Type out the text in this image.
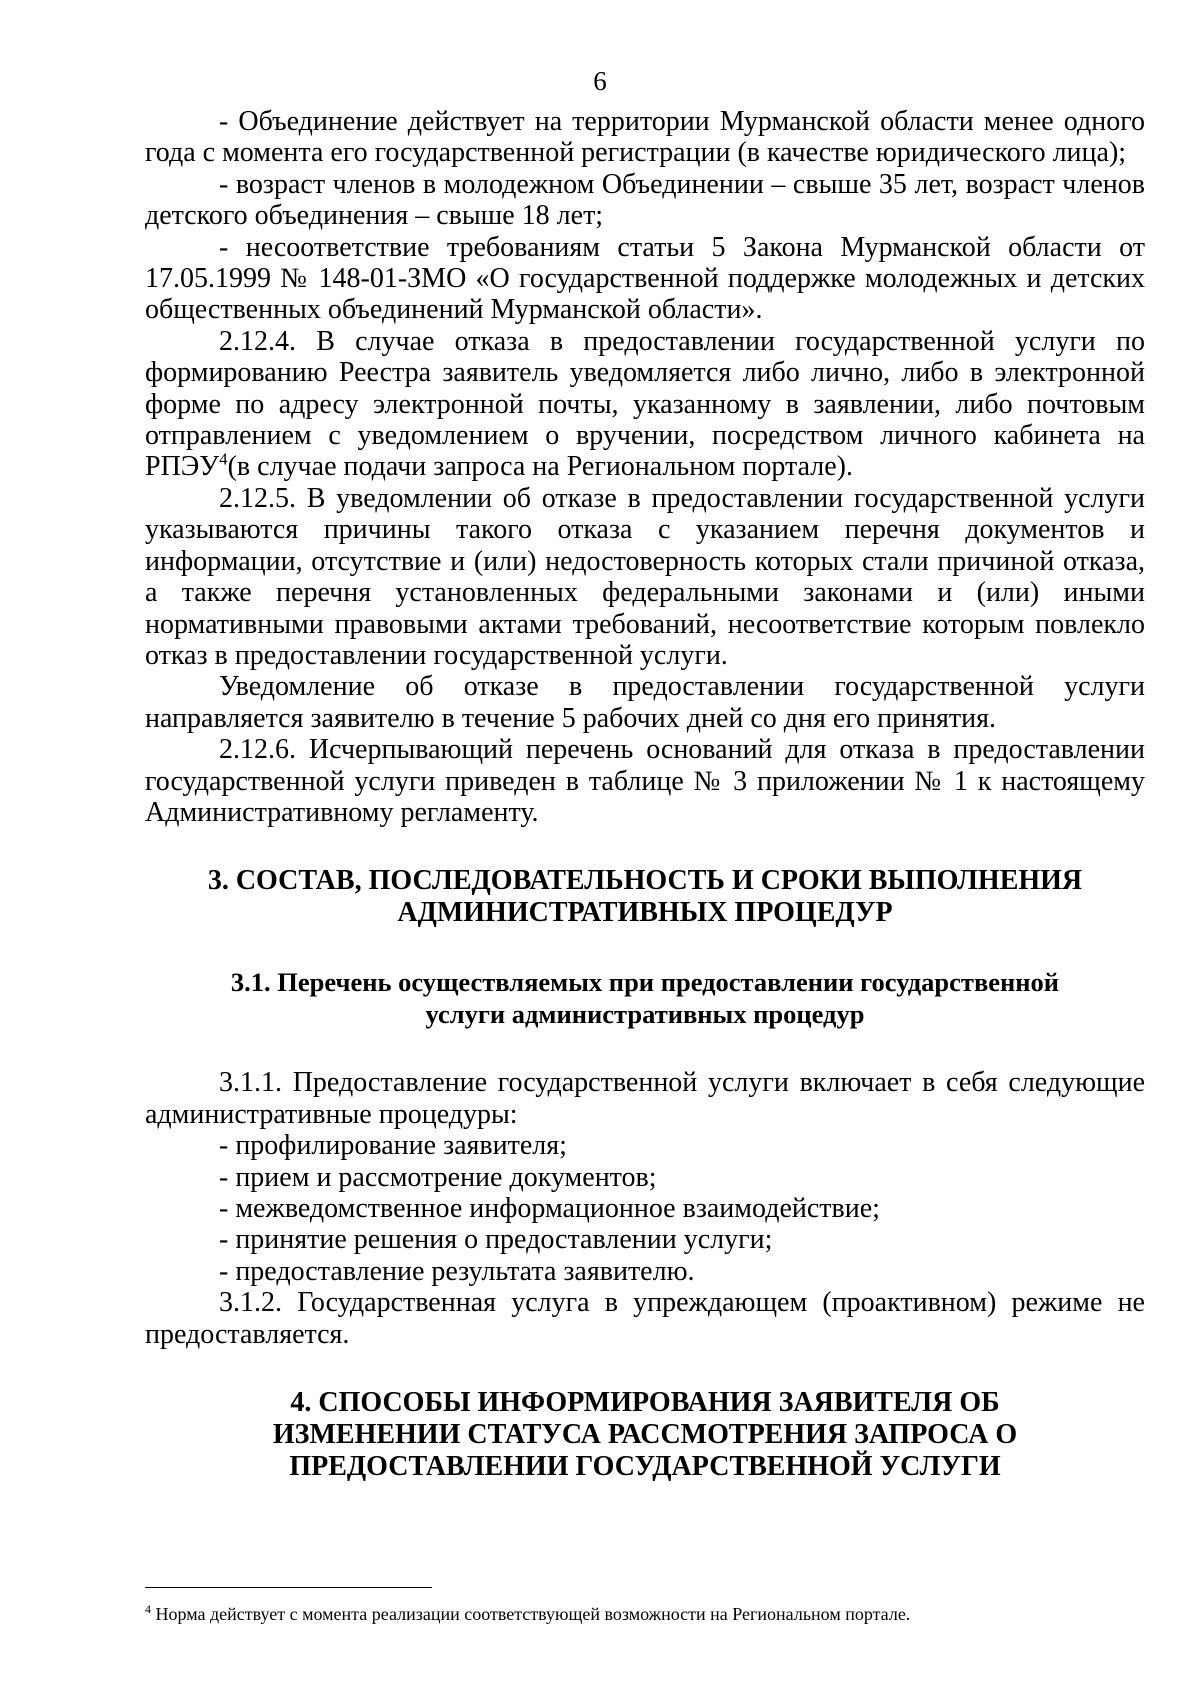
6

- Объединение действует на территории Мурманской области менее одного года с момента его государственной регистрации (в качестве юридического лица);

- возраст членов в молодежном Объединении – свыше 35 лет, возраст членов детского объединения – свыше 18 лет;

- несоответствие требованиям статьи 5 Закона Мурманской области от 17.05.1999 № 148-01-ЗМО «О государственной поддержке молодежных и детских общественных объединений Мурманской области».

2.12.4. В случае отказа в предоставлении государственной услуги по формированию Реестра заявитель уведомляется либо лично, либо в электронной форме по адресу электронной почты, указанному в заявлении, либо почтовым отправлением с уведомлением о вручении, посредством личного кабинета на РПЭУ$^4$(в случае подачи запроса на Региональном портале).

2.12.5. В уведомлении об отказе в предоставлении государственной услуги указываются причины такого отказа с указанием перечня документов и информации, отсутствие и (или) недостоверность которых стали причиной отказа, а также перечня установленных федеральными законами и (или) иными нормативными правовыми актами требований, несоответствие которым повлекло отказ в предоставлении государственной услуги.

Уведомление об отказе в предоставлении государственной услуги направляется заявителю в течение 5 рабочих дней со дня его принятия.

2.12.6. Исчерпывающий перечень оснований для отказа в предоставлении государственной услуги приведен в таблице № 3 приложении № 1 к настоящему Административному регламенту.

3. СОСТАВ, ПОСЛЕДОВАТЕЛЬНОСТЬ И СРОКИ ВЫПОЛНЕНИЯ
АДМИНИСТРАТИВНЫХ ПРОЦЕДУР
3.1. Перечень осуществляемых при предоставлении государственной
услуги административных процедур

3.1.1. Предоставление государственной услуги включает в себя следующие административные процедуры:

- профилирование заявителя;

- прием и рассмотрение документов;

- межведомственное информационное взаимодействие;

- принятие решения о предоставлении услуги;

- предоставление результата заявителю.

3.1.2. Государственная услуга в упреждающем (проактивном) режиме не предоставляется.

4. СПОСОБЫ ИНФОРМИРОВАНИЯ ЗАЯВИТЕЛЯ ОБ
ИЗМЕНЕНИИ СТАТУСА РАССМОТРЕНИЯ ЗАПРОСА О
ПРЕДОСТАВЛЕНИИ ГОСУДАРСТВЕННОЙ УСЛУГИ
$^4$ Норма действует с момента реализации соответствующей возможности на Региональном портале.
